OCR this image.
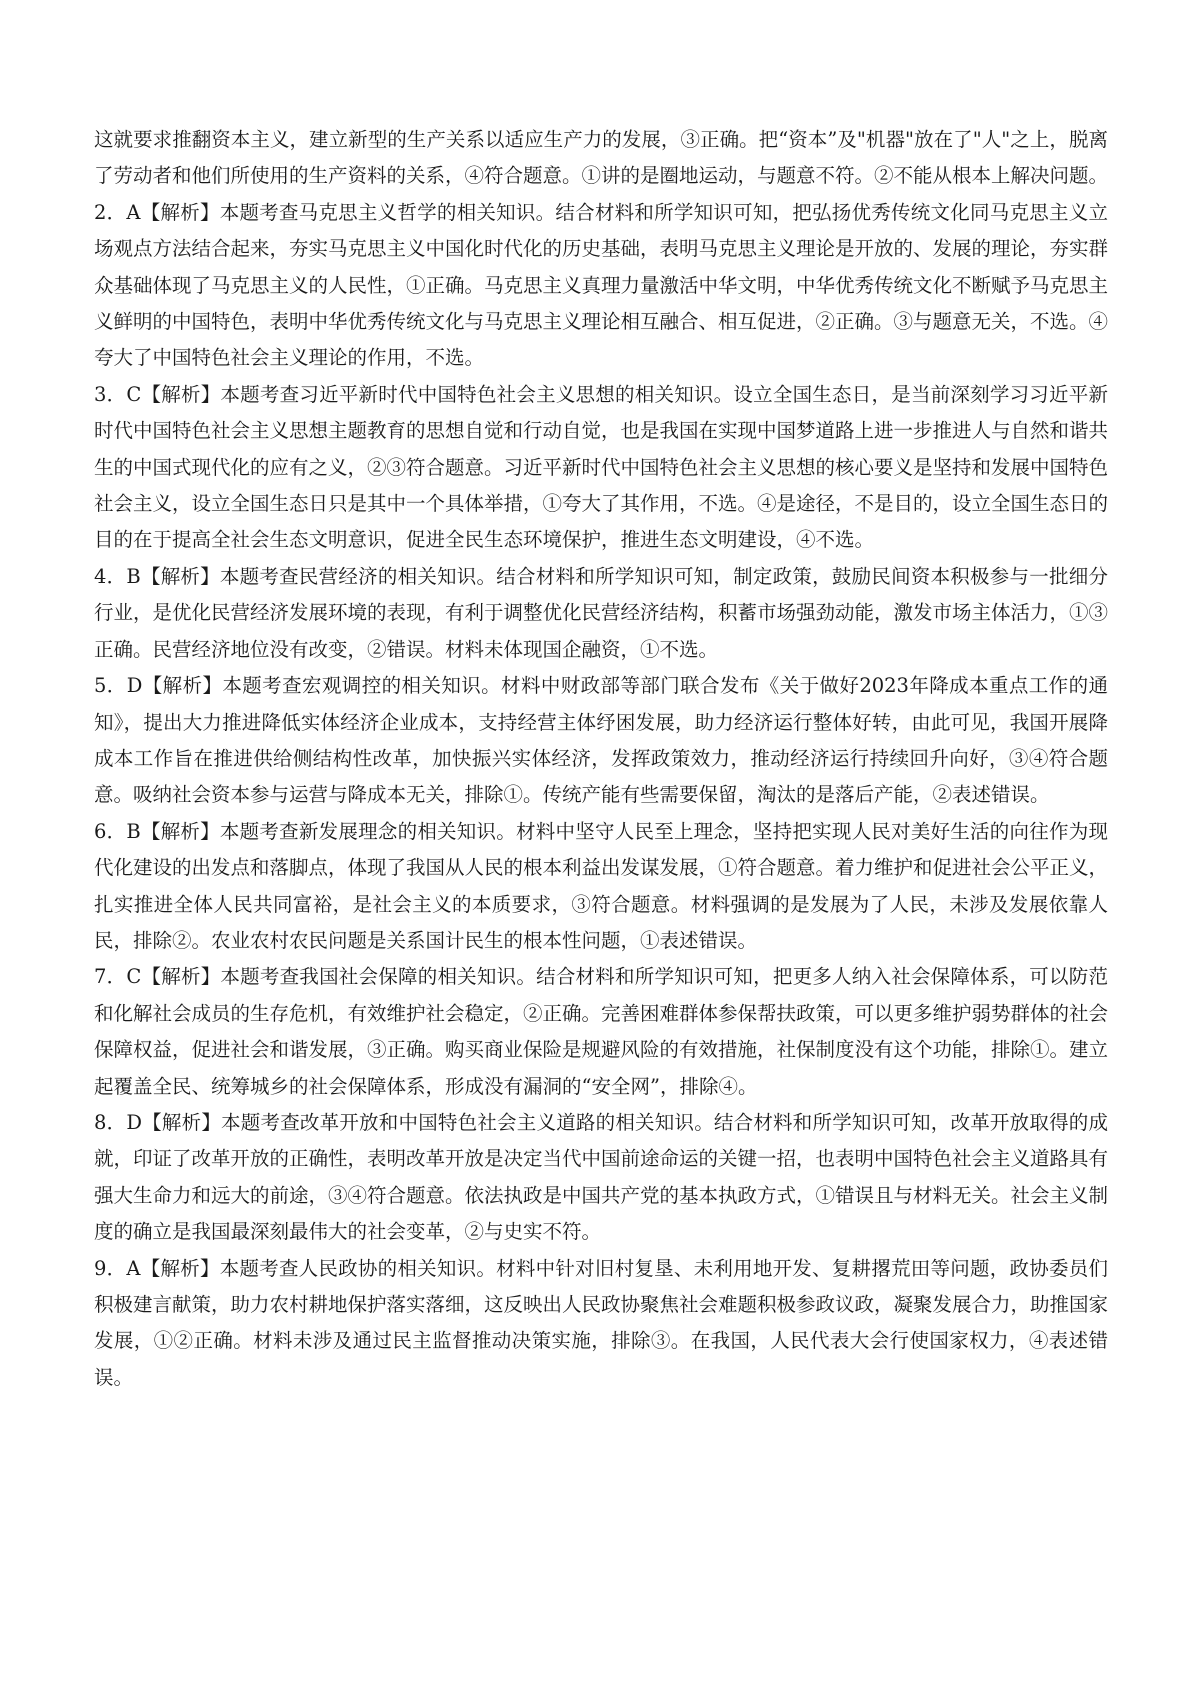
这就要求推翻资本主义，建立新型的生产关系以适应生产力的发展，③正确。把“资本”及"机器"放在了"人"之上，脱离了劳动者和他们所使用的生产资料的关系，④符合题意。①讲的是圈地运动，与题意不符。②不能从根本上解决问题。

2．A【解析】本题考查马克思主义哲学的相关知识。结合材料和所学知识可知，把弘扬优秀传统文化同马克思主义立场观点方法结合起来，夯实马克思主义中国化时代化的历史基础，表明马克思主义理论是开放的、发展的理论，夯实群众基础体现了马克思主义的人民性，①正确。马克思主义真理力量激活中华文明，中华优秀传统文化不断赋予马克思主义鲜明的中国特色，表明中华优秀传统文化与马克思主义理论相互融合、相互促进，②正确。③与题意无关，不选。④夸大了中国特色社会主义理论的作用，不选。

3．C【解析】本题考查习近平新时代中国特色社会主义思想的相关知识。设立全国生态日，是当前深刻学习习近平新时代中国特色社会主义思想主题教育的思想自觉和行动自觉，也是我国在实现中国梦道路上进一步推进人与自然和谐共生的中国式现代化的应有之义，②③符合题意。习近平新时代中国特色社会主义思想的核心要义是坚持和发展中国特色社会主义，设立全国生态日只是其中一个具体举措，①夸大了其作用，不选。④是途径，不是目的，设立全国生态日的目的在于提高全社会生态文明意识，促进全民生态环境保护，推进生态文明建设，④不选。

4．B【解析】本题考查民营经济的相关知识。结合材料和所学知识可知，制定政策，鼓励民间资本积极参与一批细分行业，是优化民营经济发展环境的表现，有利于调整优化民营经济结构，积蓄市场强劲动能，激发市场主体活力，①③正确。民营经济地位没有改变，②错误。材料未体现国企融资，①不选。

5．D【解析】本题考查宏观调控的相关知识。材料中财政部等部门联合发布《关于做好2023年降成本重点工作的通知》，提出大力推进降低实体经济企业成本，支持经营主体纾困发展，助力经济运行整体好转，由此可见，我国开展降成本工作旨在推进供给侧结构性改革，加快振兴实体经济，发挥政策效力，推动经济运行持续回升向好，③④符合题意。吸纳社会资本参与运营与降成本无关，排除①。传统产能有些需要保留，淘汰的是落后产能，②表述错误。

6．B【解析】本题考查新发展理念的相关知识。材料中坚守人民至上理念，坚持把实现人民对美好生活的向往作为现代化建设的出发点和落脚点，体现了我国从人民的根本利益出发谋发展，①符合题意。着力维护和促进社会公平正义，扎实推进全体人民共同富裕，是社会主义的本质要求，③符合题意。材料强调的是发展为了人民，未涉及发展依靠人民，排除②。农业农村农民问题是关系国计民生的根本性问题，①表述错误。

7．C【解析】本题考查我国社会保障的相关知识。结合材料和所学知识可知，把更多人纳入社会保障体系，可以防范和化解社会成员的生存危机，有效维护社会稳定，②正确。完善困难群体参保帮扶政策，可以更多维护弱势群体的社会保障权益，促进社会和谐发展，③正确。购买商业保险是规避风险的有效措施，社保制度没有这个功能，排除①。建立起覆盖全民、统筹城乡的社会保障体系，形成没有漏洞的“安全网”，排除④。

8．D【解析】本题考查改革开放和中国特色社会主义道路的相关知识。结合材料和所学知识可知，改革开放取得的成就，印证了改革开放的正确性，表明改革开放是决定当代中国前途命运的关键一招，也表明中国特色社会主义道路具有强大生命力和远大的前途，③④符合题意。依法执政是中国共产党的基本执政方式，①错误且与材料无关。社会主义制度的确立是我国最深刻最伟大的社会变革，②与史实不符。

9．A【解析】本题考查人民政协的相关知识。材料中针对旧村复垦、未利用地开发、复耕撂荒田等问题，政协委员们积极建言献策，助力农村耕地保护落实落细，这反映出人民政协聚焦社会难题积极参政议政，凝聚发展合力，助推国家发展，①②正确。材料未涉及通过民主监督推动决策实施，排除③。在我国，人民代表大会行使国家权力，④表述错误。
